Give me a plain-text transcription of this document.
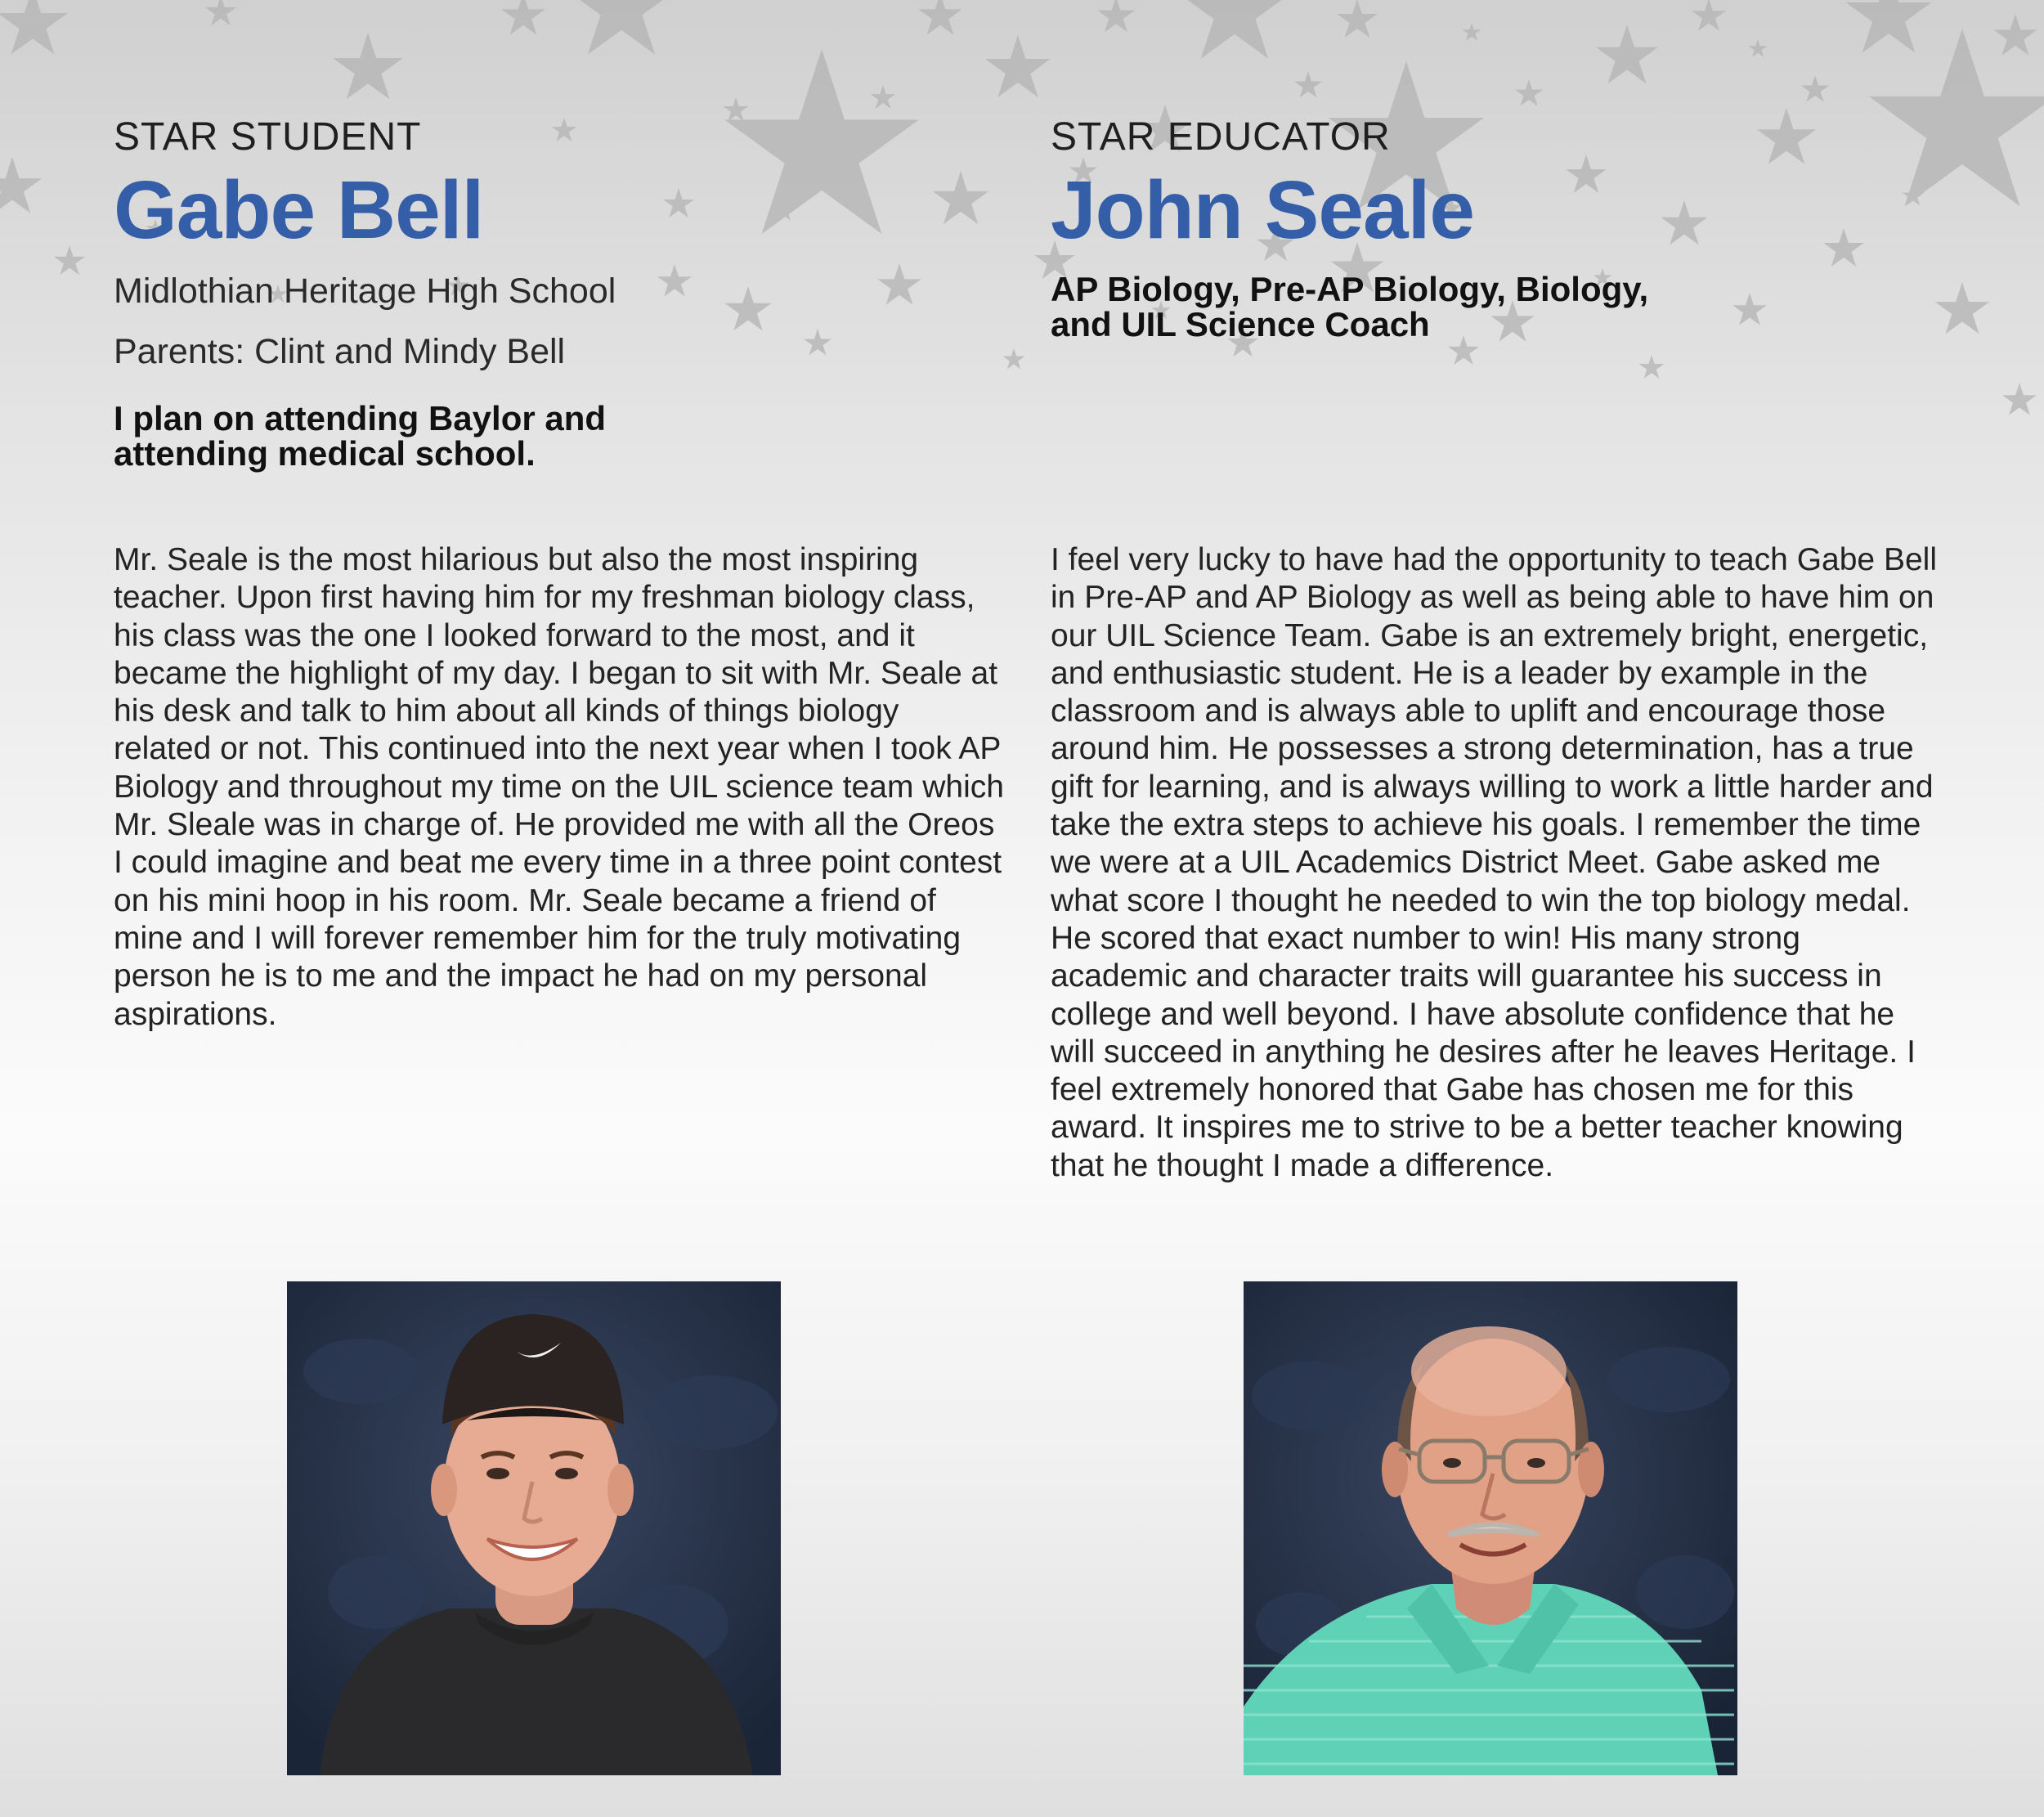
STAR STUDENT

Gabe Bell

Midlothian Heritage High School

Parents: Clint and Mindy Bell

I plan on attending Baylor and attending medical school.

STAR EDUCATOR

John Seale
AP Biology, Pre-AP Biology, Biology, and UIL Science Coach

Mr. Seale is the most hilarious but also the most inspiring teacher. Upon first having him for my freshman biology class, his class was the one I looked forward to the most, and it became the highlight of my day. I began to sit with Mr. Seale at his desk and talk to him about all kinds of things biology related or not. This continued into the next year when I took AP Biology and throughout my time on the UIL science team which Mr. Sleale was in charge of. He provided me with all the Oreos I could imagine and beat me every time in a three point contest on his mini hoop in his room. Mr. Seale became a friend of mine and I will forever remember him for the truly motivating person he is to me and the impact he had on my personal aspirations.

I feel very lucky to have had the opportunity to teach Gabe Bell in Pre-AP and AP Biology as well as being able to have him on our UIL Science Team. Gabe is an extremely bright, energetic, and enthusiastic student. He is a leader by example in the classroom and is always able to uplift and encourage those around him. He possesses a strong determination, has a true gift for learning, and is always willing to work a little harder and take the extra steps to achieve his goals. I remember the time we were at a UIL Academics District Meet. Gabe asked me what score I thought he needed to win the top biology medal. He scored that exact number to win! His many strong academic and character traits will guarantee his success in college and well beyond. I have absolute confidence that he will succeed in anything he desires after he leaves Heritage. I feel extremely honored that Gabe has chosen me for this award. It inspires me to strive to be a better teacher knowing that he thought I made a difference.
